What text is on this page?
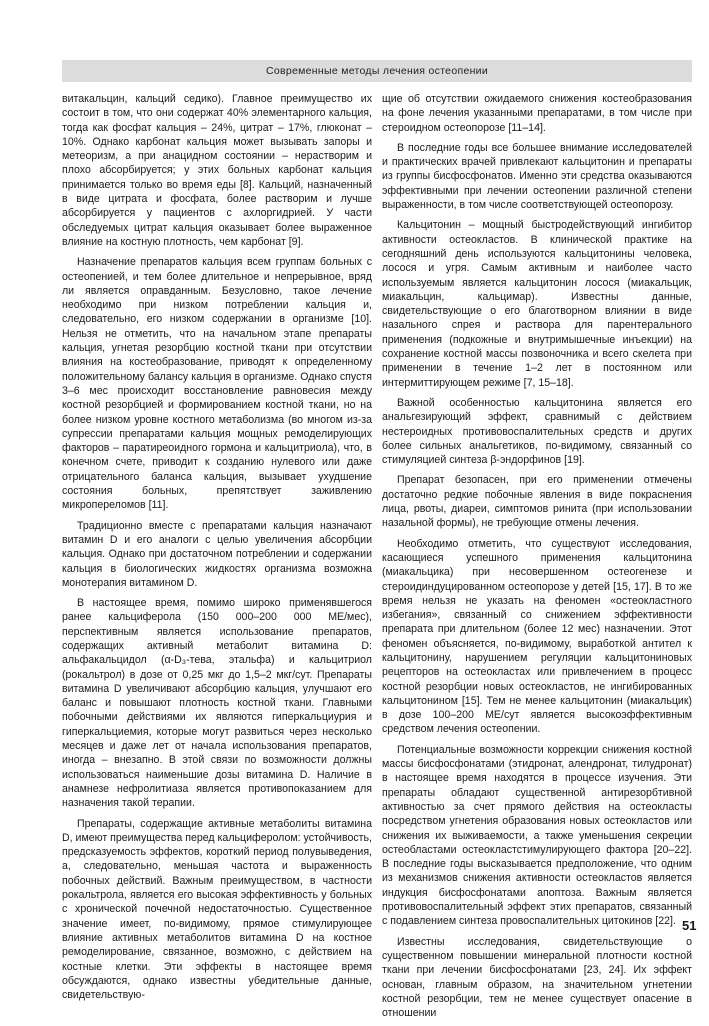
Современные методы лечения остеопении

витакальцин, кальций седико). Главное преимущество их состоит в том, что они содержат 40% элементарного кальция, тогда как фосфат кальция – 24%, цитрат – 17%, глюконат – 10%. Однако карбонат кальция может вызывать запоры и метеоризм, а при анацидном состоянии – нерастворим и плохо абсорбируется; у этих больных карбонат кальция принимается только во время еды [8]. Кальций, назначенный в виде цитрата и фосфата, более растворим и лучше абсорбируется у пациентов с ахлоргидрией. У части обследуемых цитрат кальция оказывает более выраженное влияние на костную плотность, чем карбонат [9].

Назначение препаратов кальция всем группам больных с остеопенией, и тем более длительное и непрерывное, вряд ли является оправданным. Безусловно, такое лечение необходимо при низком потреблении кальция и, следовательно, его низком содержании в организме [10]. Нельзя не отметить, что на начальном этапе препараты кальция, угнетая резорбцию костной ткани при отсутствии влияния на костеобразование, приводят к определенному положительному балансу кальция в организме. Однако спустя 3–6 мес происходит восстановление равновесия между костной резорбцией и формированием костной ткани, но на более низком уровне костного метаболизма (во многом из-за супрессии препаратами кальция мощных ремоделирующих факторов – паратиреоидного гормона и кальцитриола), что, в конечном счете, приводит к созданию нулевого или даже отрицательного баланса кальция, вызывает ухудшение состояния больных, препятствует заживлению микропереломов [11].

Традиционно вместе с препаратами кальция назначают витамин D и его аналоги с целью увеличения абсорбции кальция. Однако при достаточном потреблении и содержании кальция в биологических жидкостях организма возможна монотерапия витамином D.

В настоящее время, помимо широко применявшегося ранее кальциферола (150 000–200 000 МЕ/мес), перспективным является использование препаратов, содержащих активный метаболит витамина D: альфакальцидол (α-D₃-тева, этальфа) и кальцитриол (рокальтрол) в дозе от 0,25 мкг до 1,5–2 мкг/сут. Препараты витамина D увеличивают абсорбцию кальция, улучшают его баланс и повышают плотность костной ткани. Главными побочными действиями их являются гиперкальциурия и гиперкальциемия, которые могут развиться через несколько месяцев и даже лет от начала использования препаратов, иногда – внезапно. В этой связи по возможности должны использоваться наименьшие дозы витамина D. Наличие в анамнезе нефролитиаза является противопоказанием для назначения такой терапии.

Препараты, содержащие активные метаболиты витамина D, имеют преимущества перед кальциферолом: устойчивость, предсказуемость эффектов, короткий период полувыведения, а, следовательно, меньшая частота и выраженность побочных действий. Важным преимуществом, в частности рокальтрола, является его высокая эффективность у больных с хронической почечной недостаточностью. Существенное значение имеет, по-видимому, прямое стимулирующее влияние активных метаболитов витамина D на костное ремоделирование, связанное, возможно, с действием на костные клетки. Эти эффекты в настоящее время обсуждаются, однако известны убедительные данные, свидетельствую-

щие об отсутствии ожидаемого снижения костеобразования на фоне лечения указанными препаратами, в том числе при стероидном остеопорозе [11–14].

В последние годы все большее внимание исследователей и практических врачей привлекают кальцитонин и препараты из группы бисфосфонатов. Именно эти средства оказываются эффективными при лечении остеопении различной степени выраженности, в том числе соответствующей остеопорозу.

Кальцитонин – мощный быстродействующий ингибитор активности остеокластов. В клинической практике на сегодняшний день используются кальцитонины человека, лосося и угря. Самым активным и наиболее часто используемым является кальцитонин лосося (миакальцик, миакальцин, кальцимар). Известны данные, свидетельствующие о его благотворном влиянии в виде назального спрея и раствора для парентерального применения (подкожные и внутримышечные инъекции) на сохранение костной массы позвоночника и всего скелета при применении в течение 1–2 лет в постоянном или интермиттирующем режиме [7, 15–18].

Важной особенностью кальцитонина является его анальгезирующий эффект, сравнимый с действием нестероидных противовоспалительных средств и других более сильных анальгетиков, по-видимому, связанный со стимуляцией синтеза β-эндорфинов [19].

Препарат безопасен, при его применении отмечены достаточно редкие побочные явления в виде покраснения лица, рвоты, диареи, симптомов ринита (при использовании назальной формы), не требующие отмены лечения.

Необходимо отметить, что существуют исследования, касающиеся успешного применения кальцитонина (миакальцика) при несовершенном остеогенезе и стероидиндуцированном остеопорозе у детей [15, 17]. В то же время нельзя не указать на феномен «остеокластного избегания», связанный со снижением эффективности препарата при длительном (более 12 мес) назначении. Этот феномен объясняется, по-видимому, выработкой антител к кальцитонину, нарушением регуляции кальцитониновых рецепторов на остеокластах или привлечением в процесс костной резорбции новых остеокластов, не ингибированных кальцитонином [15]. Тем не менее кальцитонин (миакальцик) в дозе 100–200 МЕ/сут является высокоэффективным средством лечения остеопении.

Потенциальные возможности коррекции снижения костной массы бисфосфонатами (этидронат, алендронат, тилудронат) в настоящее время находятся в процессе изучения. Эти препараты обладают существенной антирезорбтивной активностью за счет прямого действия на остеокласты посредством угнетения образования новых остеокластов или снижения их выживаемости, а также уменьшения секреции остеобластами остеокластстимулирующего фактора [20–22]. В последние годы высказывается предположение, что одним из механизмов снижения активности остеокластов является индукция бисфосфонатами апоптоза. Важным является противовоспалительный эффект этих препаратов, связанный с подавлением синтеза провоспалительных цитокинов [22].

Известны исследования, свидетельствующие о существенном повышении минеральной плотности костной ткани при лечении бисфосфонатами [23, 24]. Их эффект основан, главным образом, на значительном угнетении костной резорбции, тем не менее существует опасение в отношении

51
